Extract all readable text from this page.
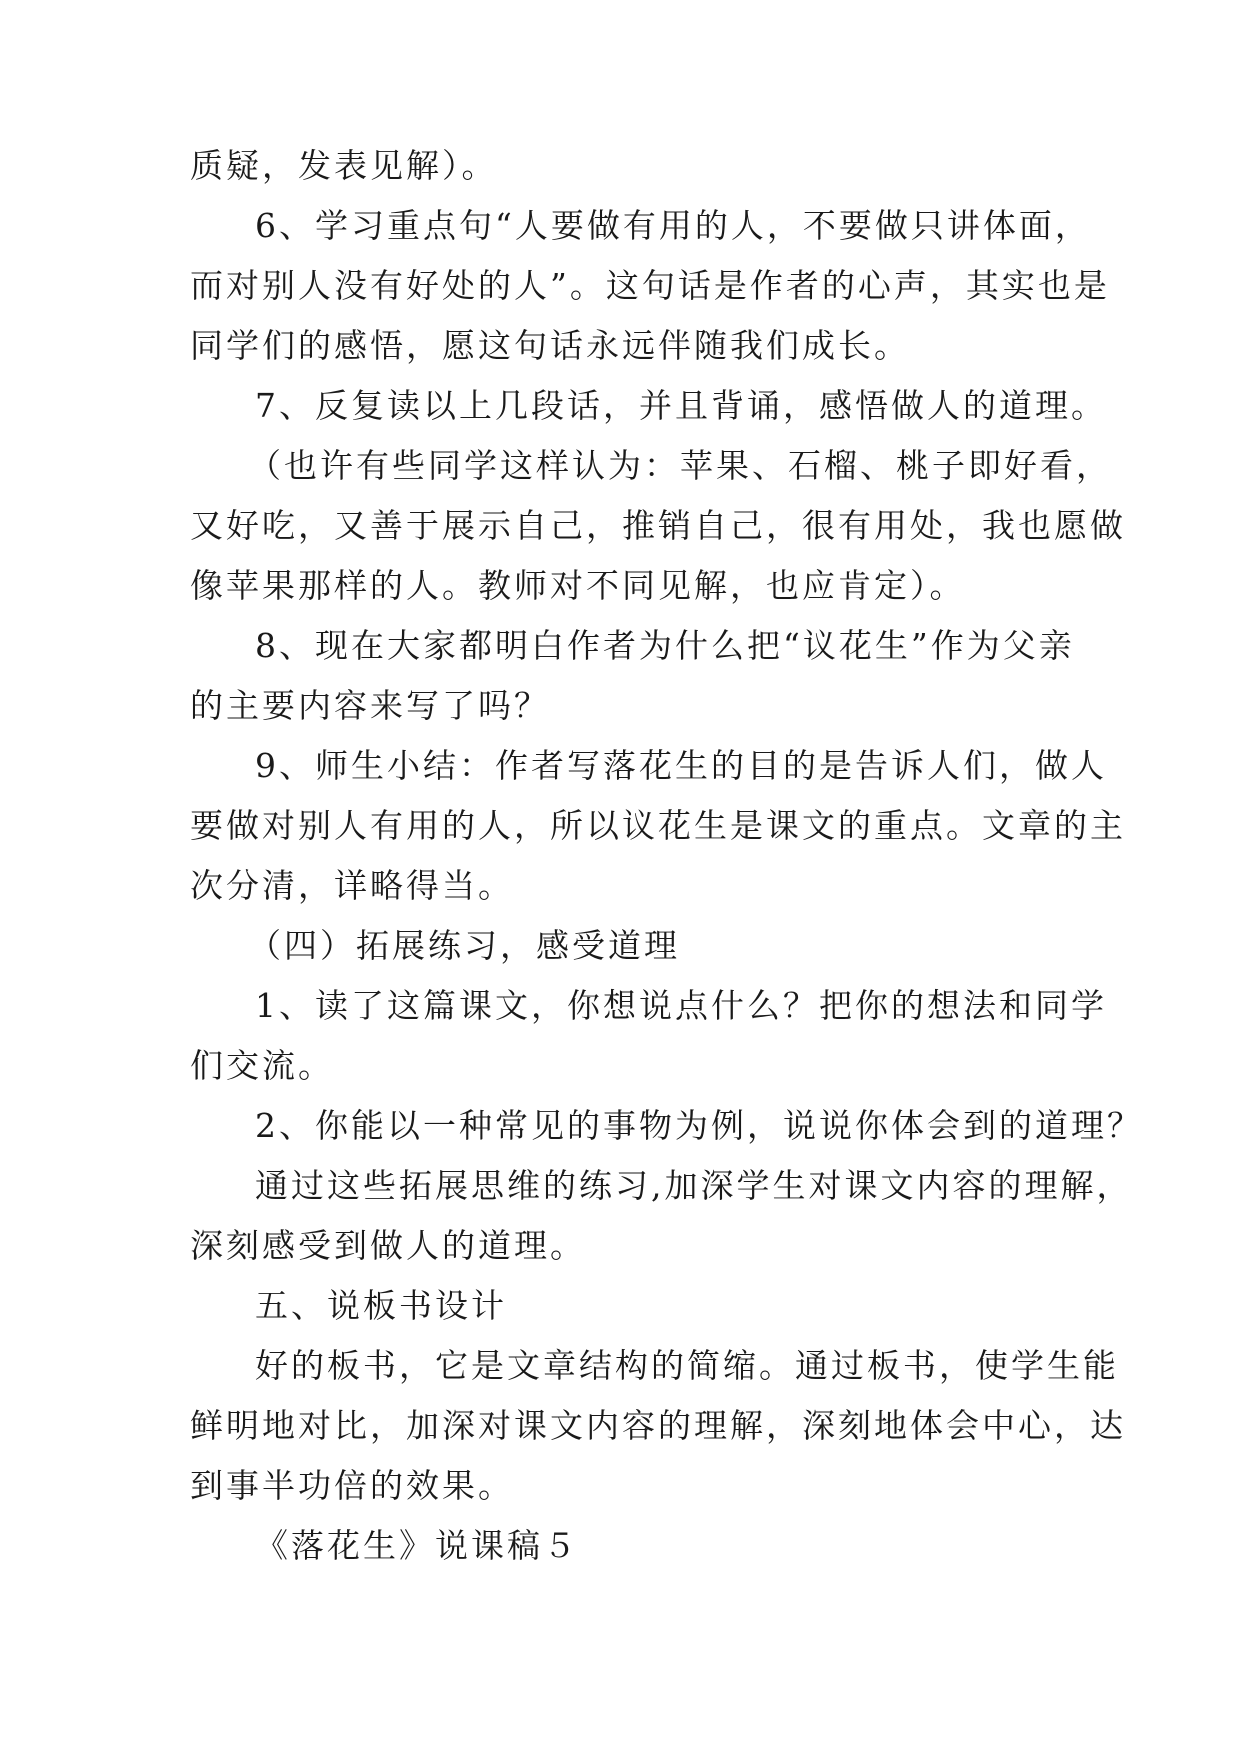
质疑，发表见解）。
6、学习重点句“人要做有用的人，不要做只讲体面，
而对别人没有好处的人”。这句话是作者的心声，其实也是
同学们的感悟，愿这句话永远伴随我们成长。
7、反复读以上几段话，并且背诵，感悟做人的道理。
（也许有些同学这样认为：苹果、石榴、桃子即好看，
又好吃，又善于展示自己，推销自己，很有用处，我也愿做
像苹果那样的人。教师对不同见解，也应肯定）。
8、现在大家都明白作者为什么把“议花生”作为父亲
的主要内容来写了吗？
9、师生小结：作者写落花生的目的是告诉人们，做人
要做对别人有用的人，所以议花生是课文的重点。文章的主
次分清，详略得当。
（四）拓展练习，感受道理
1、读了这篇课文，你想说点什么？把你的想法和同学
们交流。
2、你能以一种常见的事物为例，说说你体会到的道理？
通过这些拓展思维的练习,加深学生对课文内容的理解，
深刻感受到做人的道理。
五、说板书设计
好的板书，它是文章结构的简缩。通过板书，使学生能
鲜明地对比，加深对课文内容的理解，深刻地体会中心，达
到事半功倍的效果。
《落花生》说课稿５
